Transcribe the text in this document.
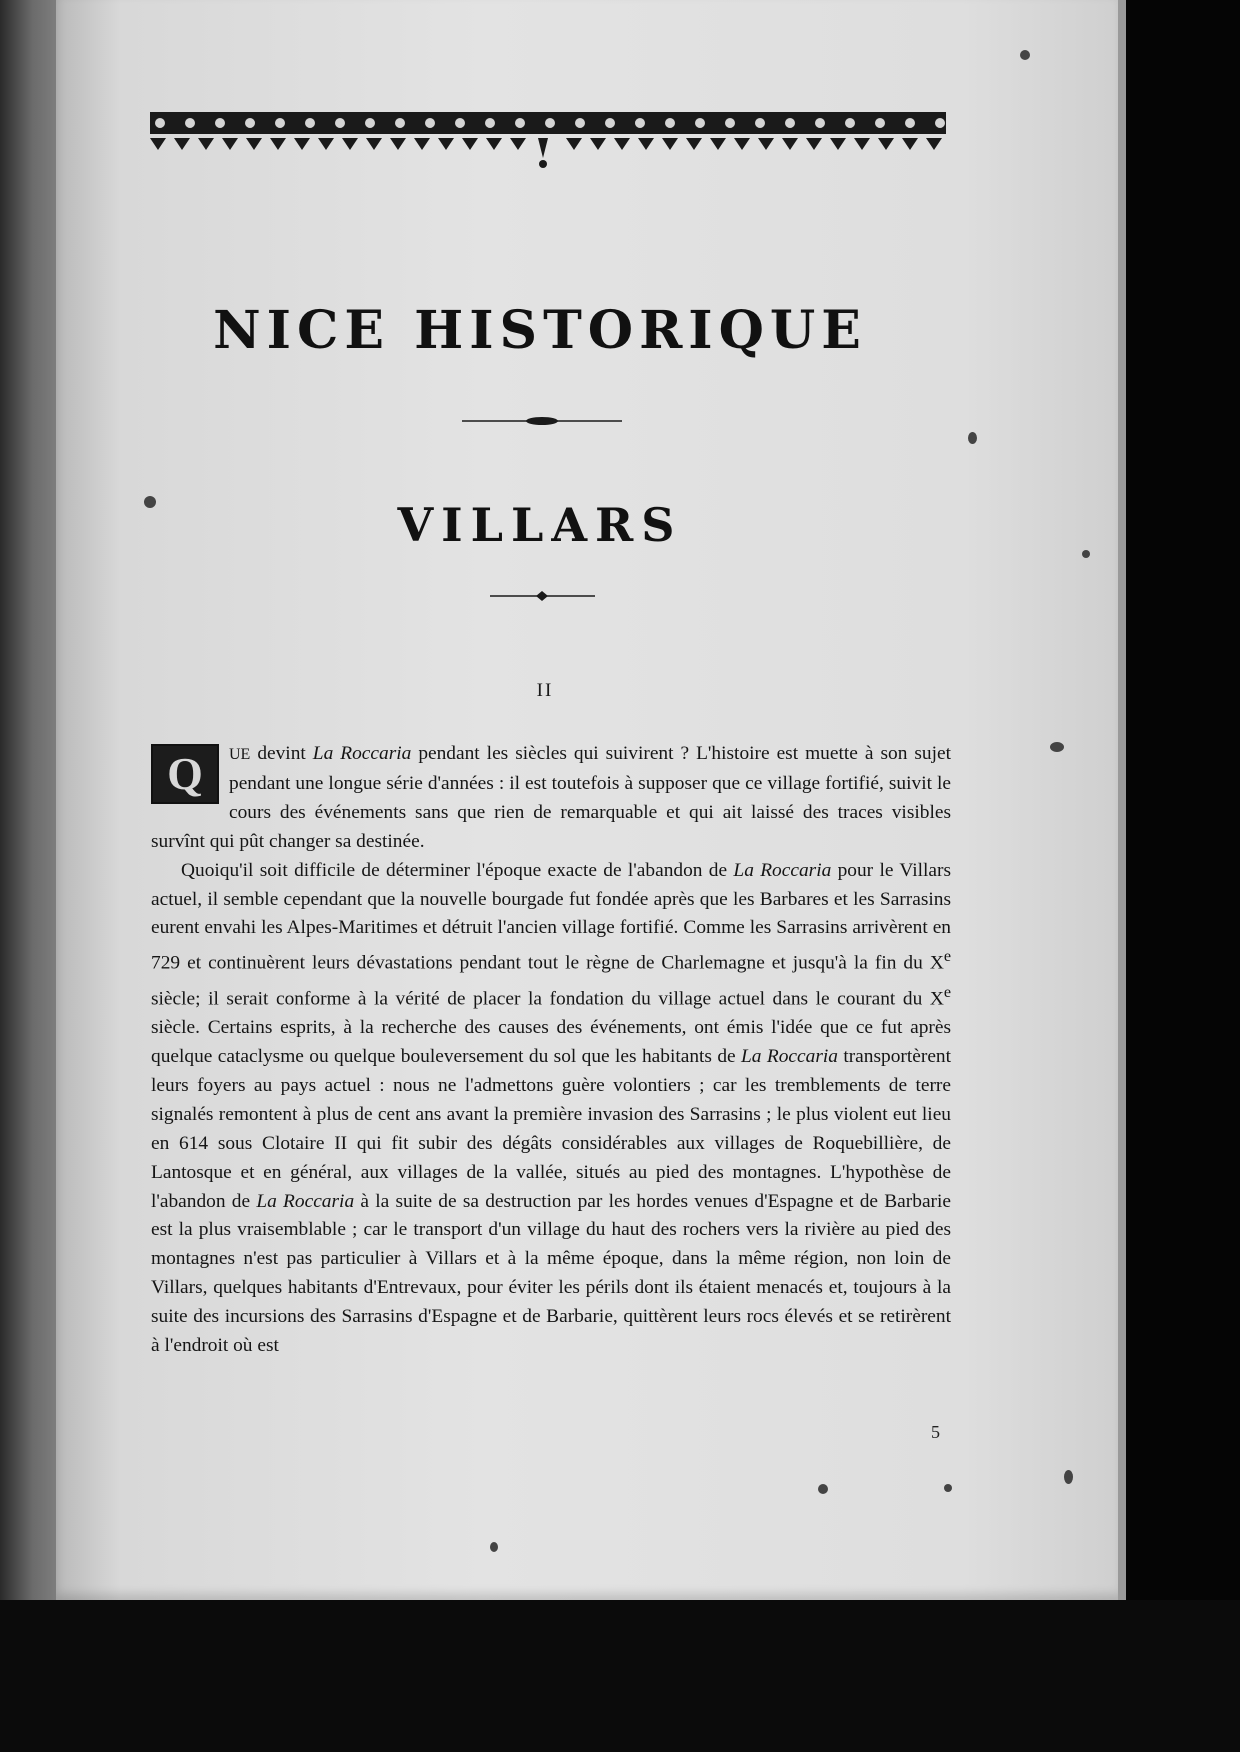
NICE HISTORIQUE
VILLARS
II

Q	UE devint La Roccaria pendant les siècles qui suivirent ? L'histoire est muette à son sujet pendant une longue série d'années : il est toutefois à supposer que ce village fortifié, suivit le cours des événements sans que rien de remarquable et qui ait laissé des traces visibles survînt qui pût changer sa destinée.

Quoiqu'il soit difficile de déterminer l'époque exacte de l'abandon de La Roccaria pour le Villars actuel, il semble cependant que la nouvelle bourgade fut fondée après que les Barbares et les Sarrasins eurent envahi les Alpes-Maritimes et détruit l'ancien village fortifié. Comme les Sarrasins arrivèrent en 729 et continuèrent leurs dévastations pendant tout le règne de Charlemagne et jusqu'à la fin du Xe siècle; il serait conforme à la vérité de placer la fondation du village actuel dans le courant du Xe siècle. Certains esprits, à la recherche des causes des événements, ont émis l'idée que ce fut après quelque cataclysme ou quelque bouleversement du sol que les habitants de La Roccaria transportèrent leurs foyers au pays actuel : nous ne l'admettons guère volontiers ; car les tremblements de terre signalés remontent à plus de cent ans avant la première invasion des Sarrasins ; le plus violent eut lieu en 614 sous Clotaire II qui fit subir des dégâts considérables aux villages de Roquebillière, de Lantosque et en général, aux villages de la vallée, situés au pied des montagnes. L'hypothèse de l'abandon de La Roccaria à la suite de sa destruction par les hordes venues d'Espagne et de Barbarie est la plus vraisemblable ; car le transport d'un village du haut des rochers vers la rivière au pied des montagnes n'est pas particulier à Villars et à la même époque, dans la même région, non loin de Villars, quelques habitants d'Entrevaux, pour éviter les périls dont ils étaient menacés et, toujours à la suite des incursions des Sarrasins d'Espagne et de Barbarie, quittèrent leurs rocs élevés et se retirèrent à l'endroit où est

5
